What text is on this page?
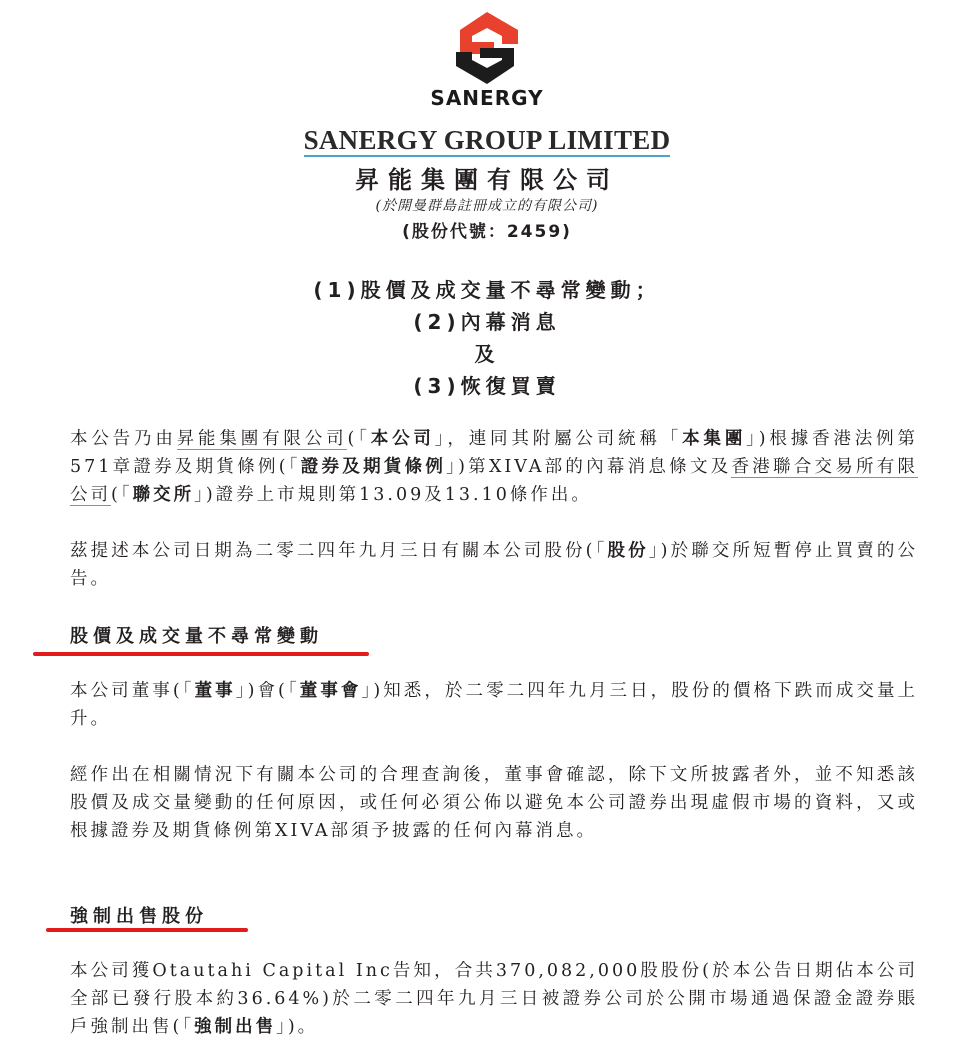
SANERGY
SANERGY GROUP LIMITED
昇能集團有限公司
(於開曼群島註冊成立的有限公司)
(股份代號：2459)
(1)股價及成交量不尋常變動；
(2)內幕消息
及
(3)恢復買賣
本公告乃由昇能集團有限公司(「本公司」，連同其附屬公司統稱「本集團」)根據香港法例第571章證券及期貨條例(「證券及期貨條例」)第XIVA部的內幕消息條文及香港聯合交易所有限公司(「聯交所」)證券上市規則第13.09及13.10條作出。
茲提述本公司日期為二零二四年九月三日有關本公司股份(「股份」)於聯交所短暫停止買賣的公告。
股價及成交量不尋常變動
本公司董事(「董事」)會(「董事會」)知悉，於二零二四年九月三日，股份的價格下跌而成交量上升。
經作出在相關情況下有關本公司的合理查詢後，董事會確認，除下文所披露者外，並不知悉該股價及成交量變動的任何原因，或任何必須公佈以避免本公司證券出現虛假市場的資料，又或根據證券及期貨條例第XIVA部須予披露的任何內幕消息。
強制出售股份
本公司獲Otautahi Capital Inc告知，合共370,082,000股股份(於本公告日期佔本公司全部已發行股本約36.64%)於二零二四年九月三日被證券公司於公開市場通過保證金證券賬戶強制出售(「強制出售」)。
